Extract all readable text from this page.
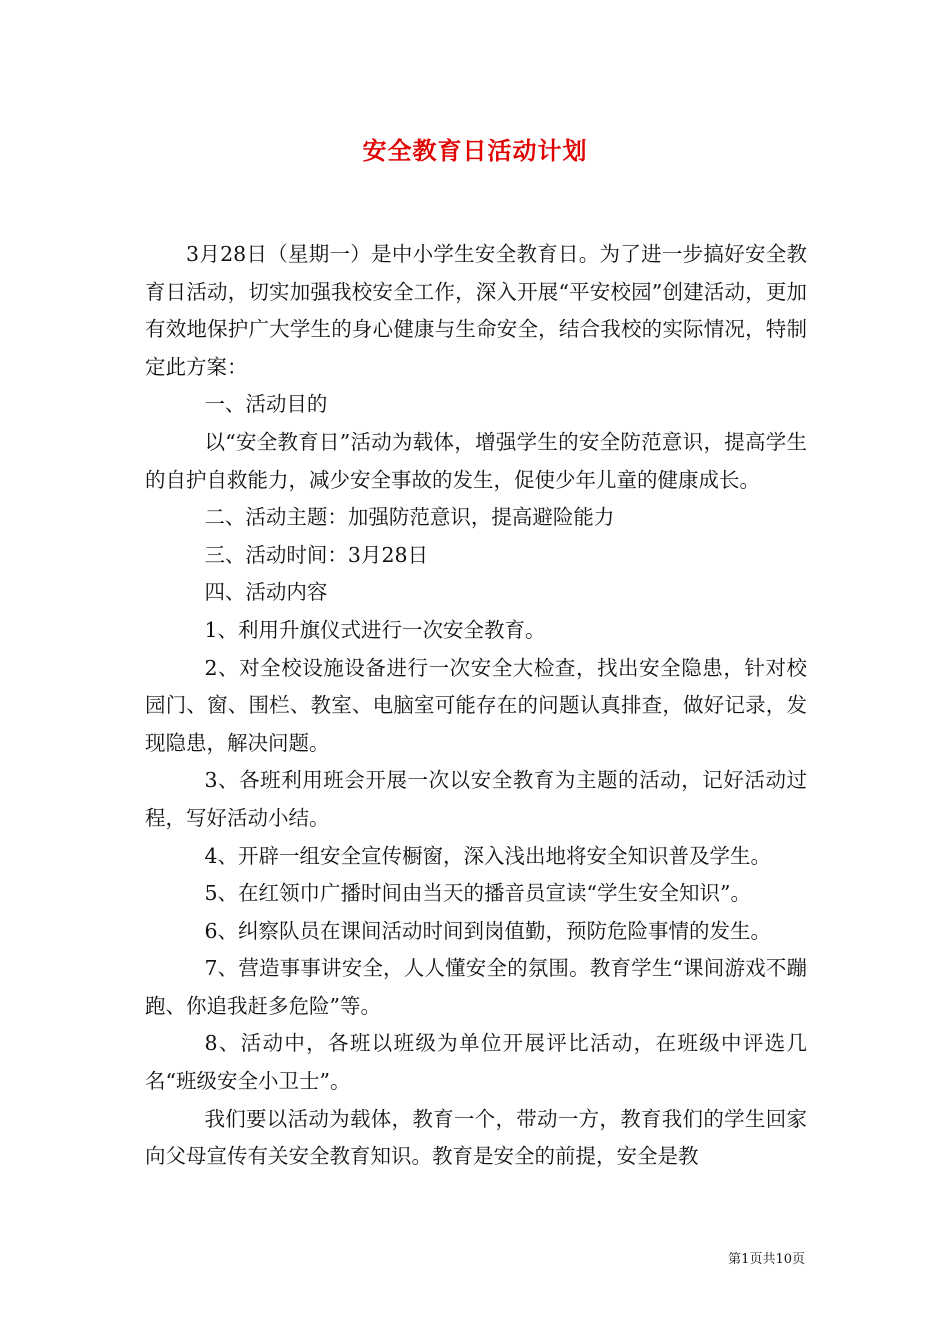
安全教育日活动计划

3月28日（星期一）是中小学生安全教育日。为了进一步搞好安全教育日活动，切实加强我校安全工作，深入开展“平安校园”创建活动，更加有效地保护广大学生的身心健康与生命安全，结合我校的实际情况，特制定此方案：

一、活动目的

以“安全教育日”活动为载体，增强学生的安全防范意识，提高学生的自护自救能力，减少安全事故的发生，促使少年儿童的健康成长。

二、活动主题：加强防范意识，提高避险能力

三、活动时间：3月28日

四、活动内容

1、利用升旗仪式进行一次安全教育。

2、对全校设施设备进行一次安全大检查，找出安全隐患，针对校园门、窗、围栏、教室、电脑室可能存在的问题认真排查，做好记录，发现隐患，解决问题。

3、各班利用班会开展一次以安全教育为主题的活动，记好活动过程，写好活动小结。

4、开辟一组安全宣传橱窗，深入浅出地将安全知识普及学生。

5、在红领巾广播时间由当天的播音员宣读“学生安全知识”。

6、纠察队员在课间活动时间到岗值勤，预防危险事情的发生。

7、营造事事讲安全，人人懂安全的氛围。教育学生“课间游戏不蹦跑、你追我赶多危险”等。

8、活动中，各班以班级为单位开展评比活动，在班级中评选几名“班级安全小卫士”。

我们要以活动为载体，教育一个，带动一方，教育我们的学生回家向父母宣传有关安全教育知识。教育是安全的前提，安全是教

第1页共10页
